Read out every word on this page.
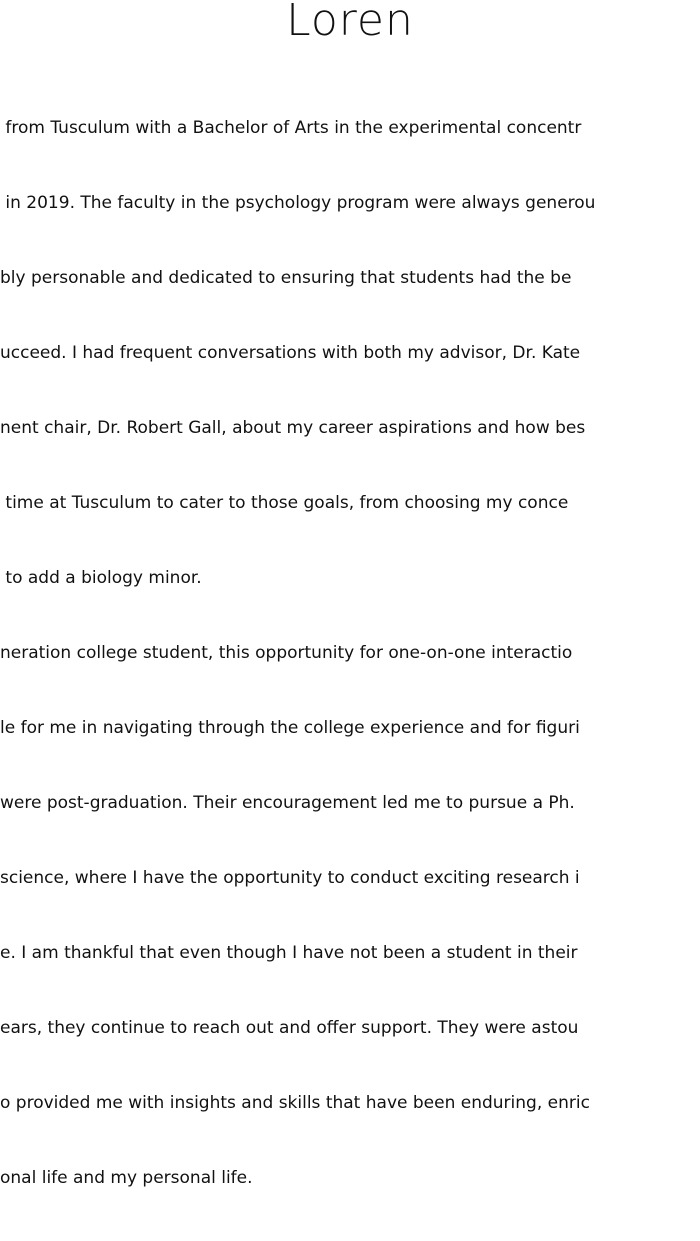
Loren

from Tusculum with a Bachelor of Arts in the experimental concentr

in 2019. The faculty in the psychology program were always generou

bly personable and dedicated to ensuring that students had the be

ucceed. I had frequent conversations with both my advisor, Dr. Kate

nent chair, Dr. Robert Gall, about my career aspirations and how bes

time at Tusculum to cater to those goals, from choosing my conce

to add a biology minor.

neration college student, this opportunity for one-on-one interactio

le for me in navigating through the college experience and for figuri

were post-graduation. Their encouragement led me to pursue a Ph.

science, where I have the opportunity to conduct exciting research i

e. I am thankful that even though I have not been a student in their

ears, they continue to reach out and offer support. They were astou

o provided me with insights and skills that have been enduring, enric

onal life and my personal life.
